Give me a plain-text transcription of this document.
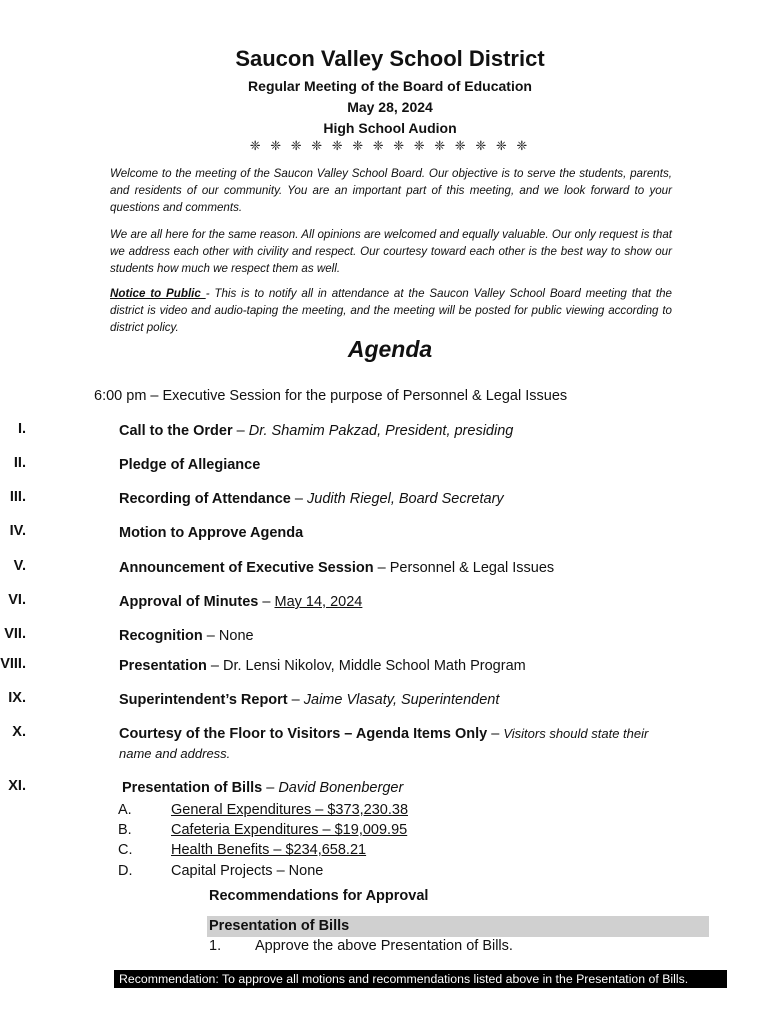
Saucon Valley School District
Regular Meeting of the Board of Education
May 28, 2024
High School Audion
❈ ❈ ❈ ❈ ❈ ❈ ❈ ❈ ❈ ❈ ❈ ❈ ❈ ❈

Welcome to the meeting of the Saucon Valley School Board. Our objective is to serve the students, parents, and residents of our community. You are an important part of this meeting, and we look forward to your questions and comments.

We are all here for the same reason. All opinions are welcomed and equally valuable. Our only request is that we address each other with civility and respect. Our courtesy toward each other is the best way to show our students how much we respect them as well.

Notice to Public - This is to notify all in attendance at the Saucon Valley School Board meeting that the district is video and audio-taping the meeting, and the meeting will be posted for public viewing according to district policy.

Agenda
6:00 pm – Executive Session for the purpose of Personnel & Legal Issues
I.	Call to the Order – Dr. Shamim Pakzad, President, presiding
II.	Pledge of Allegiance
III.	Recording of Attendance – Judith Riegel, Board Secretary
IV.	Motion to Approve Agenda
V.	Announcement of Executive Session – Personnel & Legal Issues
VI.	Approval of Minutes – May 14, 2024
VII.	Recognition – None
VIII.	Presentation – Dr. Lensi Nikolov, Middle School Math Program
IX.	Superintendent’s Report – Jaime Vlasaty, Superintendent
X.	Courtesy of the Floor to Visitors – Agenda Items Only – Visitors should state their name and address.
XI.	Presentation of Bills – David Bonenberger
A.	General Expenditures – $373,230.38
B.	Cafeteria Expenditures – $19,009.95
C.	Health Benefits – $234,658.21
D.	Capital Projects – None
Recommendations for Approval
Presentation of Bills
1. Approve the above Presentation of Bills.
Recommendation: To approve all motions and recommendations listed above in the Presentation of Bills.
